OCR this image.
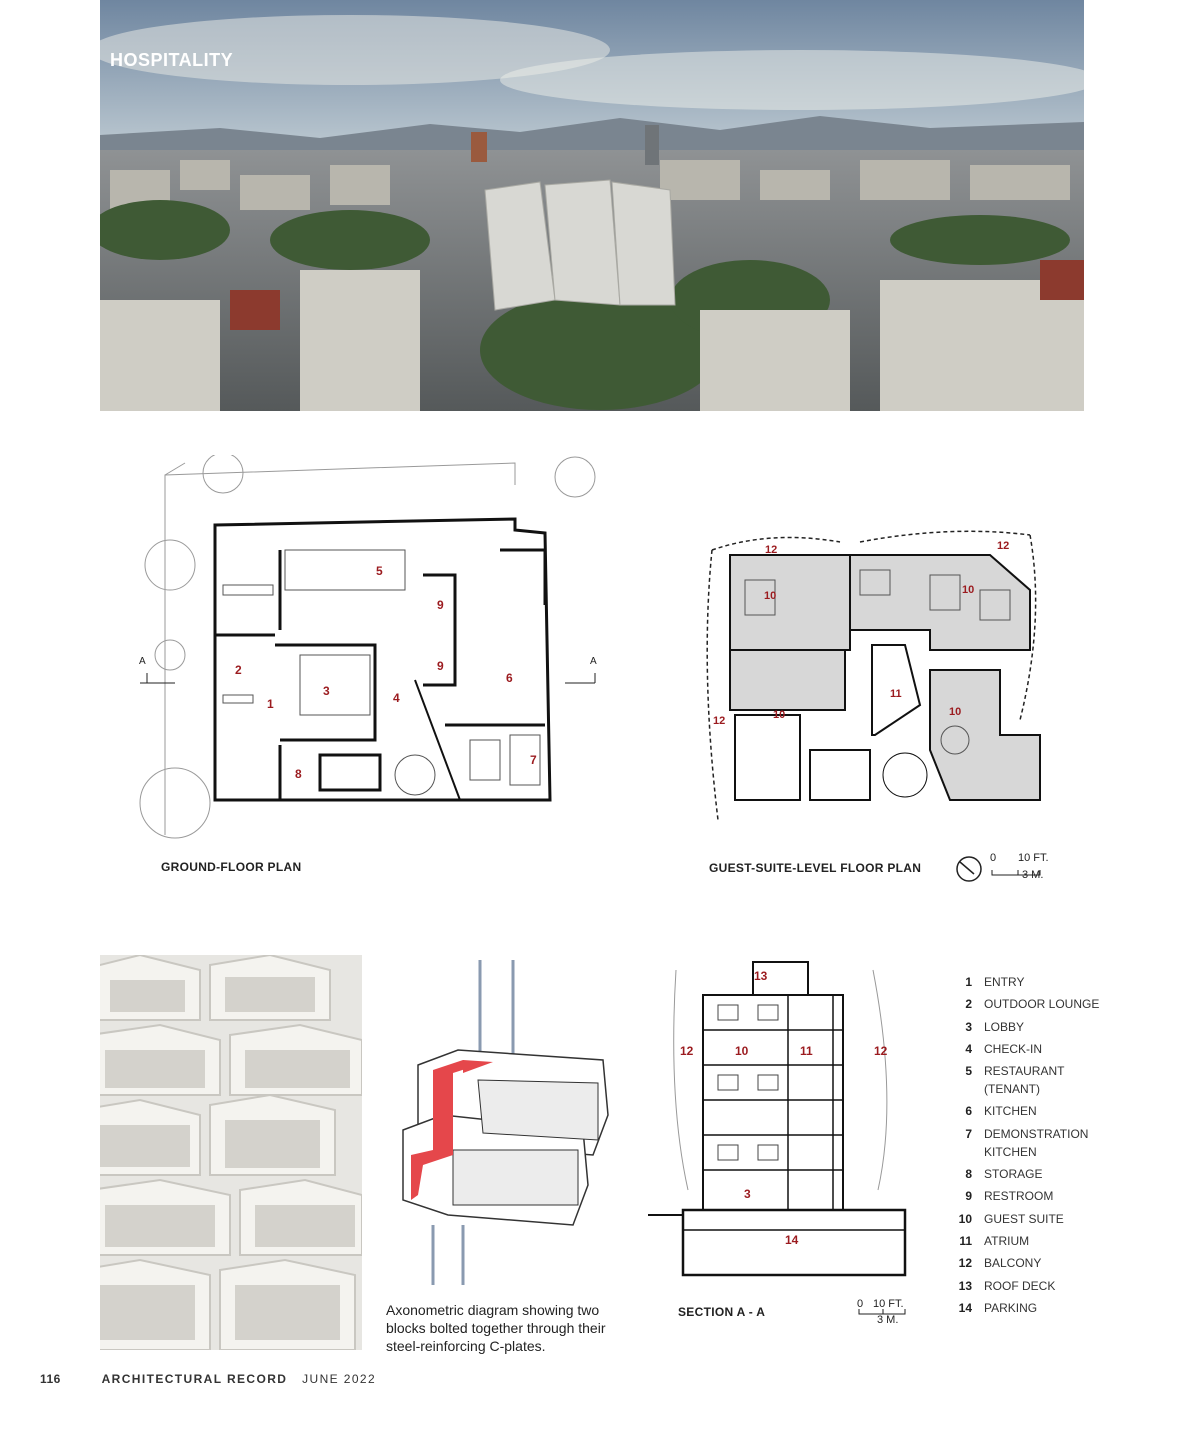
HOSPITALITY
1
2
3	4
5
6
7
8
9
9
A	A
GROUND-FLOOR PLAN
12	12
10	10
10	10
11
12
GUEST-SUITE-LEVEL FLOOR PLAN
0 10 FT.
3 M.
Axonometric diagram showing two blocks bolted together through their steel-reinforcing C-plates.
13
12	10	11	12
3
14
SECTION A - A
0 10 FT.
3 M.
1	ENTRY
2	OUTDOOR LOUNGE
3	LOBBY
4	CHECK-IN
5	RESTAURANT (TENANT)
6	KITCHEN
7	DEMONSTRATION KITCHEN
8	STORAGE
9	RESTROOM
10	GUEST SUITE
11	ATRIUM
12	BALCONY
13	ROOF DECK
14	PARKING
116	ARCHITECTURAL RECORD JUNE 2022
